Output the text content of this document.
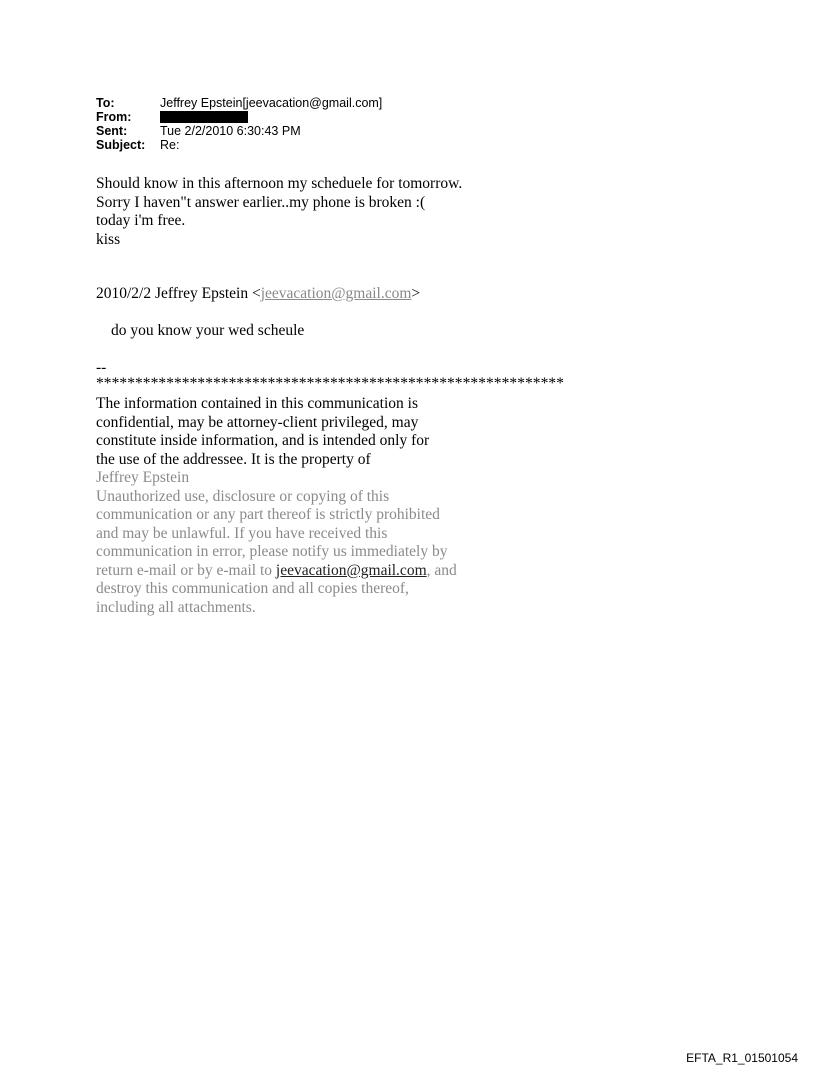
To:	Jeffrey Epstein[jeevacation@gmail.com]
From:
Sent:	Tue 2/2/2010 6:30:43 PM
Subject:	Re:
Should know in this afternoon my scheduele for tomorrow.
Sorry I haven"t answer earlier..my phone is broken :(
today i'm free.
kiss
2010/2/2 Jeffrey Epstein <jeevacation@gmail.com>
do you know your wed scheule
--
************************************************************
The information contained in this communication is
confidential, may be attorney-client privileged, may
constitute inside information, and is intended only for
the use of the addressee. It is the property of
Jeffrey Epstein
Unauthorized use, disclosure or copying of this
communication or any part thereof is strictly prohibited
and may be unlawful. If you have received this
communication in error, please notify us immediately by
return e-mail or by e-mail to jeevacation@gmail.com, and
destroy this communication and all copies thereof,
including all attachments.
EFTA_R1_01501054
